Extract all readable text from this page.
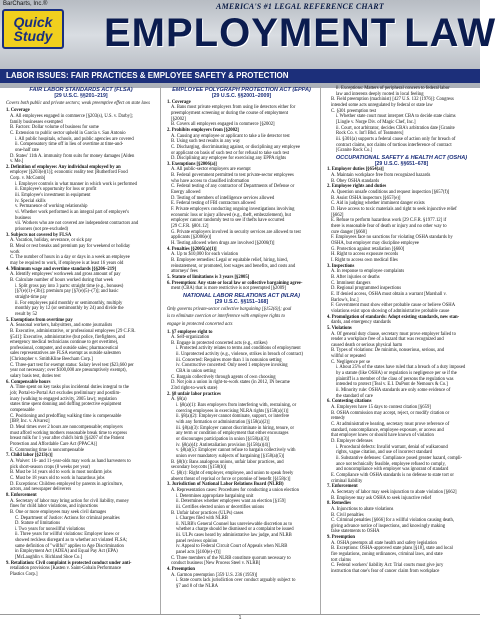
BarCharts, Inc.®	AMERICA'S #1 LEGAL REFERENCE CHART
Quick
Study EMPLOYMENT LAW
LABOR ISSUES: FAIR PRACTICES & EMPLOYEE SAFETY & PROTECTION
FAIR LABOR STANDARDS ACT (FLSA)
[29 U.S.C. §§201–219]
Covers both public and private sectors; weak preemptive effect on state laws
1. Coverage
A. All employees engaged in commerce [§203(s), U.S. v. Darby];
family businesses exempted
B. Factors: Dollar volume of business for some
C. Extension to public sector upheld in Garcia v. San Antonio
i. All public hospitals, schools, and public agencies are covered
ii. Compensatory time off in lieu of overtime at time-and-
one-half rate
D. States' 11th A. immunity from suits for money damages [Alden
v. Me.]
2. Definition of employee: Any individual employed by an
employer [§203(e)(1)]; economic reality test [Rutherford Food
Corp. v. McComb]
i. Employer controls in what manner in which work is performed
ii. Employee's opportunity for loss or profit
iii. Employee's investment in equipment
iv. Special skills
v. Permanence of working relationship
vi. Whether work performed is an integral part of employer's
business
vii. Workers who are not covered are independent contractors and
prisoners (not pre-excluded)
3. Subjects not covered by FLSA
A. Vacation, holiday, severance, or sick pay
B. Meal or rest breaks and premium pay for weekend or holiday
work
C. The number of hours in a day or days in a week an employee
may be required to work, if employee is at least 16 years old
4. Minimum wage and overtime standards [§§206–219]
A. Identify employees' workweek and gross amount of pay
B. Calculate number of hours worked during that week
i. Split gross pay into 3 parts: straight time (e.g., bonuses)
[§7(e)(1)–(3b)]; premium pay [§7(e)(5)–(7)]; and basic
straight-time pay
ii. For employees paid monthly or semimonthly, multiply
monthly pay by 12 (or semimonthly by 24) and divide the
result by 52
5. Exemptions from overtime pay
A. Seasonal workers, babysitters, and some journalists
B. Executive, administrative, or professional employees [29 C.F.R.
§541]: Executive, administrative (but police, firefighters, and
emergency medical technicians continue to get overtime),
professional, computer, and outside sales; pharmaceutical
sales representatives are FLSA exempt as outside salesmen
[Christopher v. SmithKline Beecham Corp.]
C. Three-part test for exempt status: Salary level test ($23,660 per
year not necessary; over $100,000 are presumptively exempt),
salary basis test, duties test
6. Compensable hours
A. Time spent on key tasks plus incidental duties integral to the
job; Portal-to-Portal Act excludes preliminary and postlim-
inary (walking to engaged activity, 2005 law); regulation
states time spent donning and doffing protective equipment
compensable
C. Positioning and predoffing walking time is compensable
[IBP, Inc. v. Alvarez]
D. Meal times over 2 hours are noncompensable; employers
must afford working mothers reasonable break time to express
breast milk for 1 year after child's birth [§4207 of the Patient
Protection and Affordable Care Act (PPACA)]
E. Commuting time is noncompensable
7. Child labor [§213(c)]
A. Waiver: 16- and 11-year-olds may work as hand harvesters to
pick short-season crops (8 weeks per year)
B. Must be 14 years old to work in most nonfarm jobs
C. Must be 18 years old to work in hazardous jobs
D. Exceptions: Children employed by parents in agriculture,
actors, and newspaper deliverers
8. Enforcement
A. Secretary of labor may bring action for civil liability, money
fines for child labor violations, and injunctions
B. One or more employees may seek civil damages
C. Department of Justice: Actions for criminal penalties
D. Statute of limitations
i. Two years for nonwillful violations
ii. Three years for willful violations: Employer knew or
showed reckless disregard as to whether act violated FLSA;
same definition of "willful" applies to Age Discrimination
in Employment Act (ADEA) and Equal Pay Act (EPA)
[McLaughlin v. Richland Shoe Co.]
9. Retaliation: Civil complaint is protected conduct under anti-
retaliation provisions [Kasten v. Saint-Gobain Performance
Plastics Corp.]
EMPLOYEE POLYGRAPH PROTECTION ACT (EPPA)
[29 U.S.C. §§2001–2009]
1. Coverage
A. Bans most private employers from using lie detectors either for
preemployment screening or during the course of employment
[§2002]
B. Covers all employers engaged in commerce [§2002]
2. Prohibits employers from [§2002]
A. Causing any employee or applicant to take a lie detector test
B. Using such test results in any way
C. Discharging, discriminating against, or disciplining any employee
or applicant on basis of such test or for refusal to take such test
D. Disciplining any employee for exercising any EPPA rights
3. Exemptions [§2006(a)]
A. All public-sector employers are exempt
B. Federal government permitted to test private-sector employees
who have access to classified information
C. Federal testing of any contractor of Departments of Defense or
Energy allowed
D. Testing of members of intelligence services allowed
E. Federal testing of FBI contractors allowed
F. Private employers conducting ongoing investigations involving
economic loss or injury allowed (e.g., theft, embezzlement), but
employer cannot randomly test to see if thefts have occurred
[29 C.F.R. §801.12]
G. Private employers involved in security services are allowed to test
applicants [§2006(e)]
H. Testing allowed when drugs are involved [§2006(f)]
4. Penalties [§2005(a)(1)]
A. Up to $10,000 for each violation
B. Employee remedies: Legal or equitable relief, hiring, hired,
reinstatement, or promoted, lost wages and benefits, and costs and
attorneys' fees
5. Statute of limitations is 3 years [§2005]
6. Preemption: Any state or local law or collective bargaining agree-
ment (CBA) that is more restrictive is not preempted [§2009]
NATIONAL LABOR RELATIONS ACT (NLRA)
[29 U.S.C. §§151–168]
Only governs private-sector collective bargaining [§152(6)]; goal
is to eliminate coercion or interference with employee rights to
engage in protected concerted acts
1. §7 employee right to
A. Self-organization
B. Engage in protected concerted acts (e.g., strikes)
i. Protected activity relates to terms and conditions of employment
ii. Unprotected activity (e.g., violence, strikes in breach of contract)
iii. Concerted: Requires more than 1 in nonunion setting
iv. Constructive concerted: Only need 1 employee invoking
CBA in union setting
C. Bargain collectively through agents of own choosing
D. Not join a union in right-to-work states (in 2012, IN became
23rd right-to-work state)
2. §8 unfair labor practices
A. §8(a)
i. §8(a)(1): Bars employers from interfering with, restraining, or
coercing employees in exercising NLRA rights [§158(a)(1)]
ii. §8(a)(2): Employer cannot dominate, support, or interfere
with any formation or administration [§158(a)(2)]
iii. §8(a)(3): Employer cannot discriminate in hiring, tenure, or
any term or condition of employment that either encourages
or discourages participation in union [§158(a)(3)]
iv. §8(a)(4): Antiretaliation provision [§158(a)(4)]
v. §8(a)(5): Employer cannot refuse to bargain collectively with
union over mandatory subjects of bargaining [§158(a)(5)]
B. §8(b): Bans analogous unions, unfair labor practices, and
secondary boycotts [§158(b)]
C. §8(c): Right of employer, employee, and union to speak freely
absent threat of reprisal or force or promise of benefit [§158(c)]
3. Jurisdiction of National Labor Relations Board (NLRB)
A. Representation cases: Procedures for conducting a union election
i. Determines appropriate bargaining unit
ii. Determines whether employees want an election [§159]
iii. Certifies elected union or decertifies unions
B. Unfair labor practices (ULPs) cases
i. Charges filed with NLRB
ii. NLRB's General Counsel has unreviewable discretion as to
whether a charge should be dismissed or a complaint be issued
iii. ULPs cases heard by administrative law judge, and NLRB
panel reviews opinion
iv. Appeal to Federal Circuit Court of Appeals when NLRB
panel acts [§160(e)–(f)]
C. Three members of the NLRB constitute quorum necessary to
conduct business [New Process Steel v. NLRB]
4. Preemption
A. Garmon preemption [359 U.S. 236 (1959)]
i. State courts lack jurisdiction over conduct arguably subject to
§7 and 8 of the NLRA
ii. Exceptions: Matters of peripheral concern to federal labor
law and interests deeply rooted in local feeling
B. Field preemption (machinist) [427 U.S. 132 (1976)]: Congress
intended some acts unregulated by federal or state law
C. §301 preemption test
i. Whether state court must interpret CBA to decide state claims
[Lingle v. Norge Div. of Magic Chef, Inc.]
ii. Court, not arbitrator, decides CBA's arbitration date [Granite
Rock Co. v. Int'l Bhd. of Teamsters]
iii. §301(a) supports a federal cause of action only for breach of
contract claims, not claims of tortious interference of contract
[Granite Rock Co.]
OCCUPATIONAL SAFETY & HEALTH ACT (OSHA)
[29 U.S.C. §§651–678]
1. Employer duties [§654(a)]
A. Maintain workplace free from recognized hazards
B. Obey OSHA standards
2. Employee rights and duties
A. Question unsafe conditions and request inspection [§657(f)]
B. Assist OSHA inspectors [§657(e)]
C. Aid in judging whether imminent danger exists
D. Have access to toxic materials and right to seek injunctive relief
[§662]
E. Refuse to perform hazardous work [29 C.F.R. §1977.12] if
there is reasonable fear of death or injury and no other way to
cure danger [§660]
F. Employees face no sanctions for violating OSHA standards by
OSHA, but employer may discipline employee
G. Protection against retaliation [§660]
H. Right to access exposure records
I. Right to access own medical files
3. Inspections
A. In response to employee complaints
B. After injuries or deaths
C. Imminent dangers
D. Regional programmed inspections
E. If denied access, OSHA must obtain a warrant [Marshall v.
Barlow's, Inc.]
F. Government must show either probable cause or believe OSHA
violations exist upon showing of administrative probable cause
4. Promulgation of standards: Adopt existing standards, new stan-
dards, and emergency standards
5. Violations
A. Of general duty clause, secretary must prove employer failed to
render a workplace free of a hazard that was recognized and
caused death or serious physical harm
B. Types of violations: De minimis, nonserious, serious, and
willful or repeated
C. Negligence per se
i. About 25% of the states have ruled that a breach of a duty imposed
by a statute (like OSHA) or regulation is negligence per se if the
plaintiff is a member of the class of persons the regulation was
intended to protect [Teal v. E.I. DuPont de Nemours & Co.]
ii. Minority rule: OSHA standards are only some evidence of
the standard of care
6. Contesting citations
A. Employers have 15 days to contest citation [§659]
B. OSHA commission may accept, reject, or modify citation or
remedy
C. At administrative hearing, secretary must prove reference of
standard, noncompliance, employee exposure, or access and
that employer knew or should have known of violation
D. Employer defenses
i. Procedural defects: Invalid warrant, denial of walkaround
rights, vague citation, and use of incorrect standard
ii. Substantive defenses: Compliance posed greater hazard, compli-
ance not technically feasible, employee refused to comply,
and noncompliance with employer was ignorant of standard
E. Compliance with OSHA standards is no defense to state tort or
criminal liability
7. Enforcement
A. Secretary of labor may seek injunction to abate violation [§662]
B. Employee may ask OSHA to seek injunctive relief
8. Remedies
A. Injunctions to abate violations
B. Civil penalties
C. Criminal penalties [§666] for a willful violation causing death,
giving advance notice of inspections, and knowingly making
false statements to OSHA
9. Preemption
A. OSHA preempts all state health and safety legislation
B. Exceptions: OSHA-approved state plans [§18], state and local
fire regulations, zoning ordinances, criminal laws, and state
tort claims
C. Federal workers' liability Act: Trial courts must give jury
instruction that one's fear of cancer claim from workplace
1
